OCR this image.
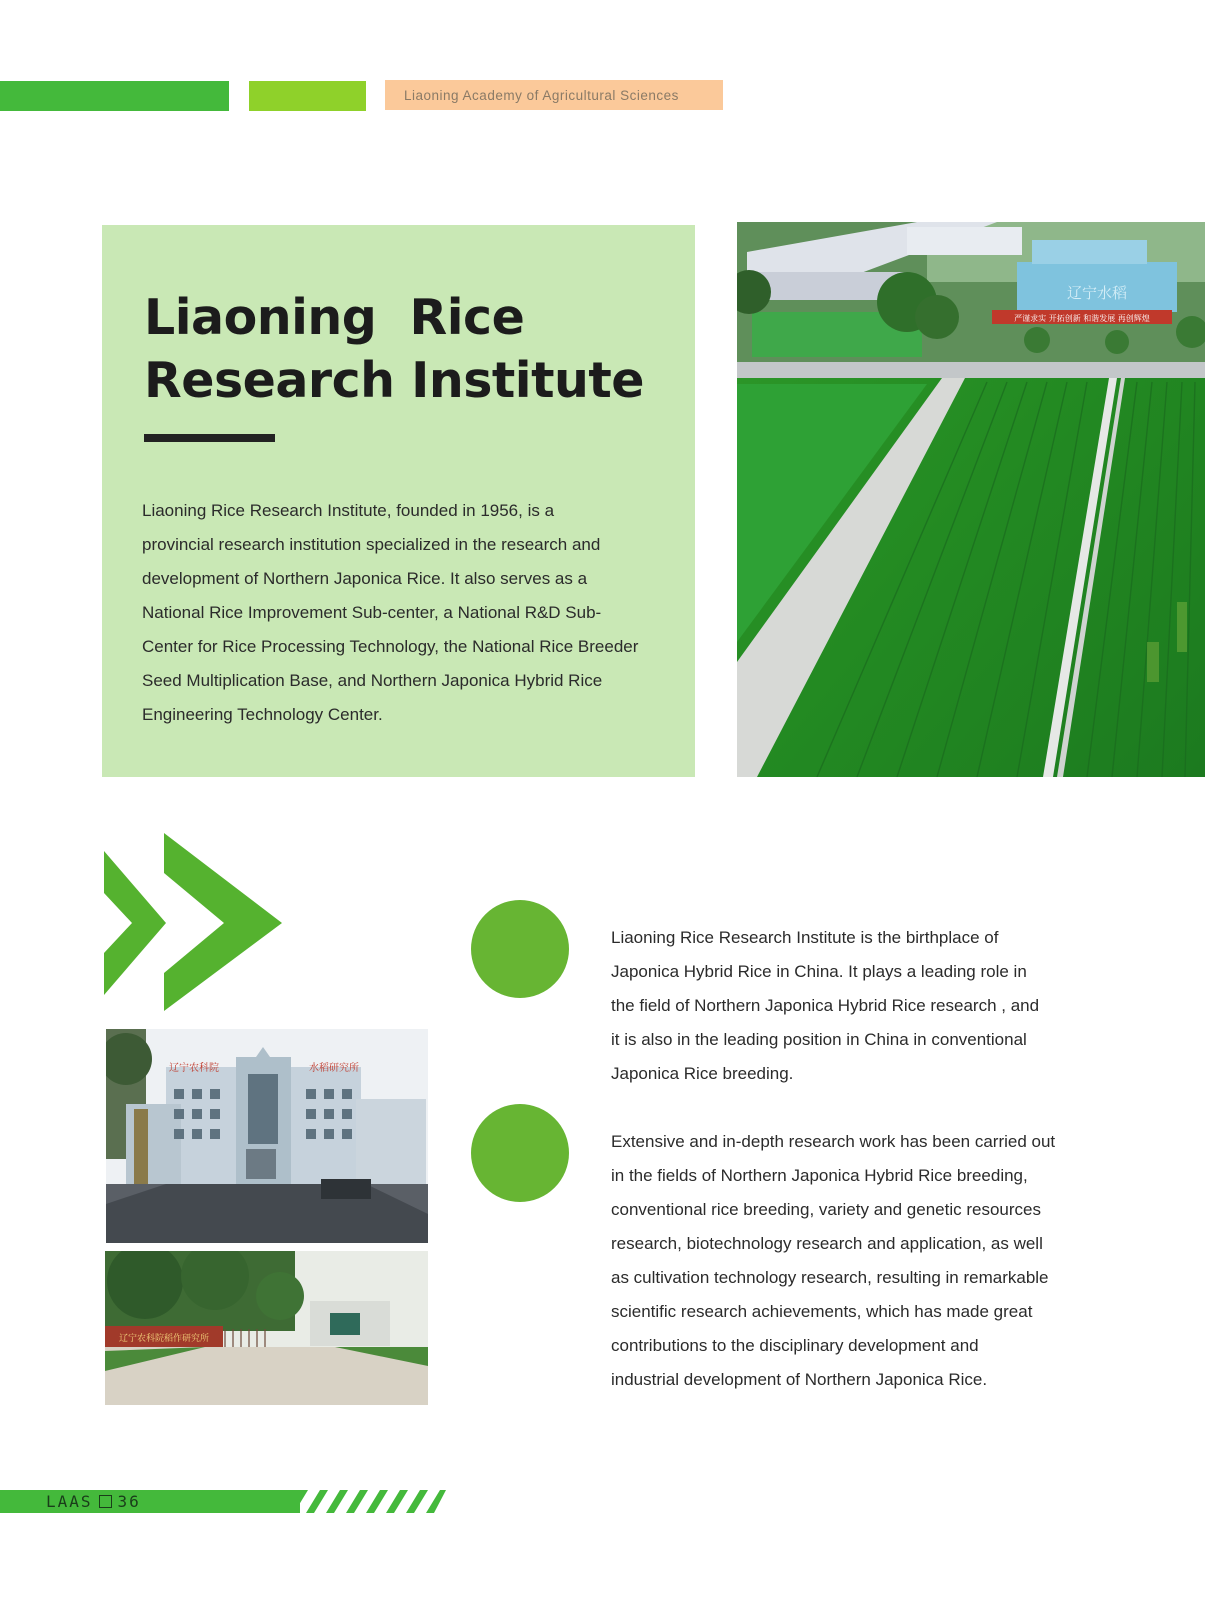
Liaoning Academy of Agricultural Sciences
Liaoning  Rice
Research Institute

Liaoning Rice Research Institute, founded in 1956, is a
provincial research institution specialized in the research and
development of Northern Japonica Rice. It also serves as a
National Rice Improvement Sub-center, a National R&D Sub-
Center for Rice Processing Technology, the National Rice Breeder
Seed Multiplication Base, and Northern Japonica Hybrid Rice
Engineering Technology Center.

辽宁水稻
严谨求实 开拓创新 和谐发展 再创辉煌
辽宁农科院	水稻研究所
辽宁农科院稻作研究所

Liaoning Rice Research Institute is the birthplace of
Japonica Hybrid Rice in China. It plays a leading role in
the field of Northern Japonica Hybrid Rice research , and
it is also in the leading position in China in conventional
Japonica Rice breeding.

Extensive and in-depth research work has been carried out
in the fields of Northern Japonica Hybrid Rice breeding,
conventional rice breeding, variety and genetic resources
research, biotechnology research and application, as well
as cultivation technology research, resulting in remarkable
scientific research achievements, which has made great
contributions to the disciplinary development and
industrial development of Northern Japonica Rice.

LAAS 36
